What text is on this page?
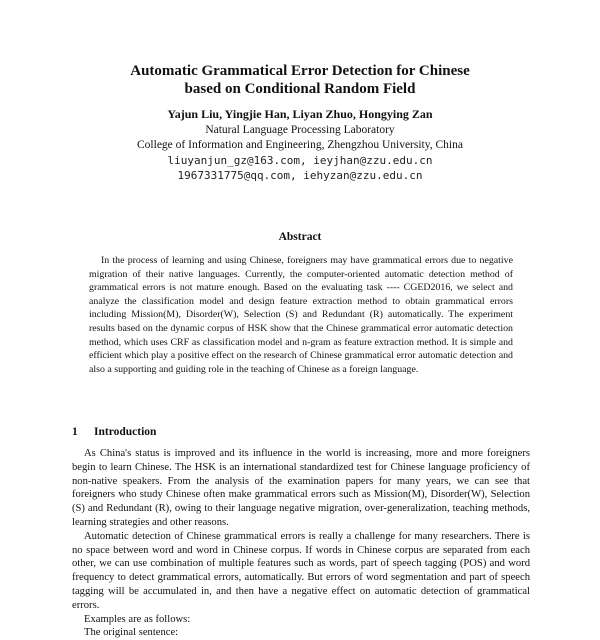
Automatic Grammatical Error Detection for Chinese
based on Conditional Random Field
Yajun Liu, Yingjie Han, Liyan Zhuo, Hongying Zan
Natural Language Processing Laboratory
College of Information and Engineering, Zhengzhou University, China
liuyanjun_gz@163.com, ieyjhan@zzu.edu.cn
1967331775@qq.com, iehyzan@zzu.edu.cn
Abstract

In the process of learning and using Chinese, foreigners may have grammatical errors due to negative migration of their native languages. Currently, the computer-oriented automatic detection method of grammatical errors is not mature enough. Based on the evaluating task ---- CGED2016, we select and analyze the classification model and design feature extraction method to obtain grammatical errors including Mission(M), Disorder(W), Selection (S) and Redundant (R) automatically. The experiment results based on the dynamic corpus of HSK show that the Chinese grammatical error automatic detection method, which uses CRF as classification model and n-gram as feature extraction method. It is simple and efficient which play a positive effect on the research of Chinese grammatical error automatic detection and also a supporting and guiding role in the teaching of Chinese as a foreign language.

1 Introduction

As China's status is improved and its influence in the world is increasing, more and more foreigners begin to learn Chinese. The HSK is an international standardized test for Chinese language proficiency of non-native speakers. From the analysis of the examination papers for many years, we can see that foreigners who study Chinese often make grammatical errors such as Mission(M), Disorder(W), Selection (S) and Redundant (R), owing to their language negative migration, over-generalization, teaching methods, learning strategies and other reasons.

Automatic detection of Chinese grammatical errors is really a challenge for many researchers. There is no space between word and word in Chinese corpus. If words in Chinese corpus are separated from each other, we can use combination of multiple features such as words, part of speech tagging (POS) and word frequency to detect grammatical errors, automatically. But errors of word segmentation and part of speech tagging will be accumulated in, and then have a negative effect on automatic detection of grammatical errors.

Examples are as follows:

The original sentence:
